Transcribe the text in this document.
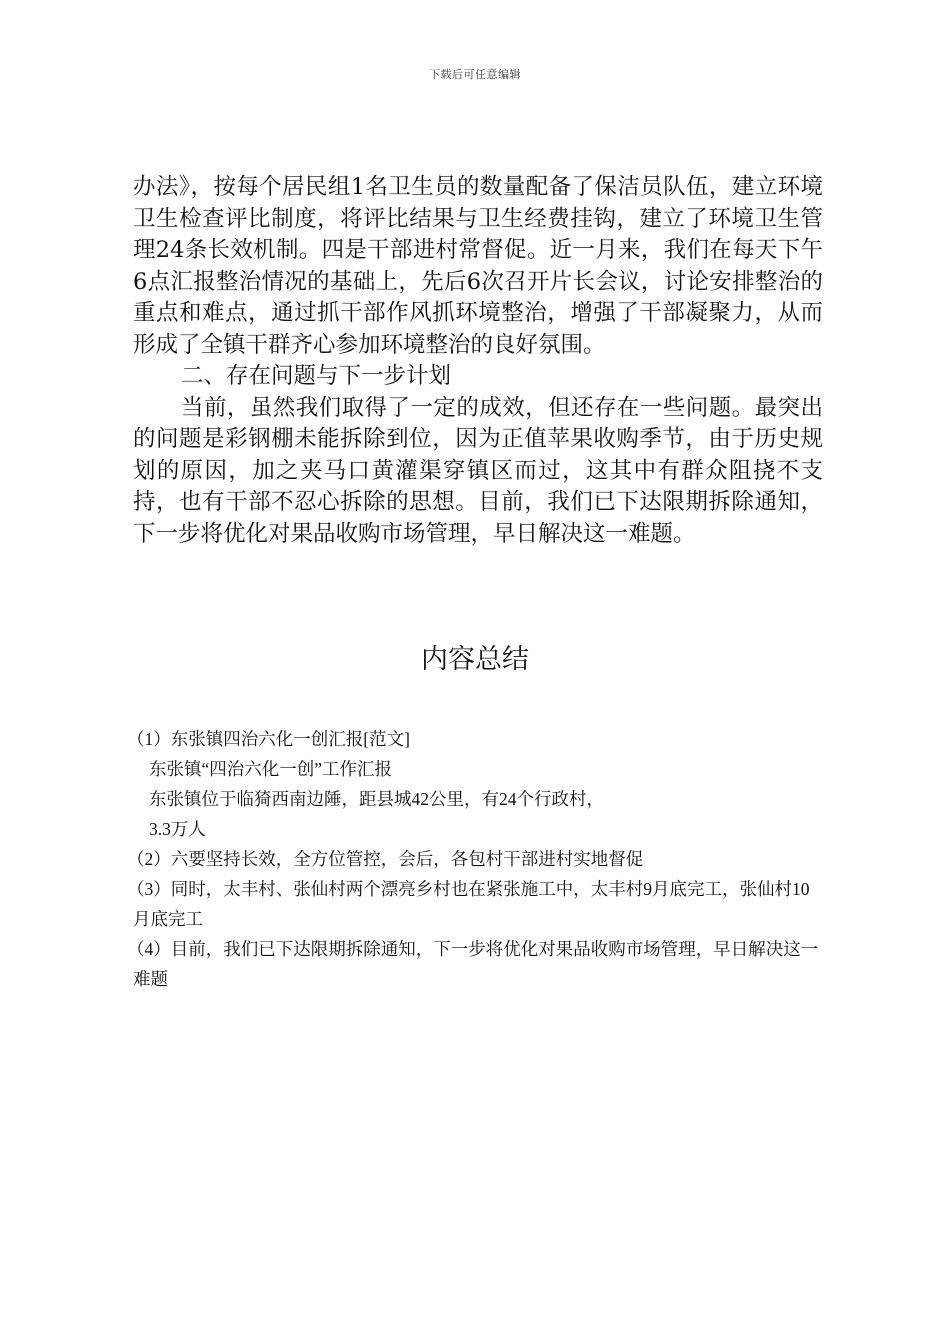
下载后可任意编辑

办法》，按每个居民组1名卫生员的数量配备了保洁员队伍，建立环境卫生检查评比制度，将评比结果与卫生经费挂钩，建立了环境卫生管理24条长效机制。四是干部进村常督促。近一月来，我们在每天下午6点汇报整治情况的基础上，先后6次召开片长会议，讨论安排整治的重点和难点，通过抓干部作风抓环境整治，增强了干部凝聚力，从而形成了全镇干群齐心参加环境整治的良好氛围。

二、存在问题与下一步计划

当前，虽然我们取得了一定的成效，但还存在一些问题。最突出的问题是彩钢棚未能拆除到位，因为正值苹果收购季节，由于历史规划的原因，加之夹马口黄灌渠穿镇区而过，这其中有群众阻挠不支持，也有干部不忍心拆除的思想。目前，我们已下达限期拆除通知，下一步将优化对果品收购市场管理，早日解决这一难题。

内容总结

（1）东张镇四治六化一创汇报[范文]

东张镇“四治六化一创”工作汇报

东张镇位于临猗西南边陲，距县城42公里，有24个行政村，

3.3万人

（2）六要坚持长效，全方位管控，会后，各包村干部进村实地督促

（3）同时，太丰村、张仙村两个漂亮乡村也在紧张施工中，太丰村9月底完工，张仙村10月底完工

（4）目前，我们已下达限期拆除通知，下一步将优化对果品收购市场管理，早日解决这一难题
